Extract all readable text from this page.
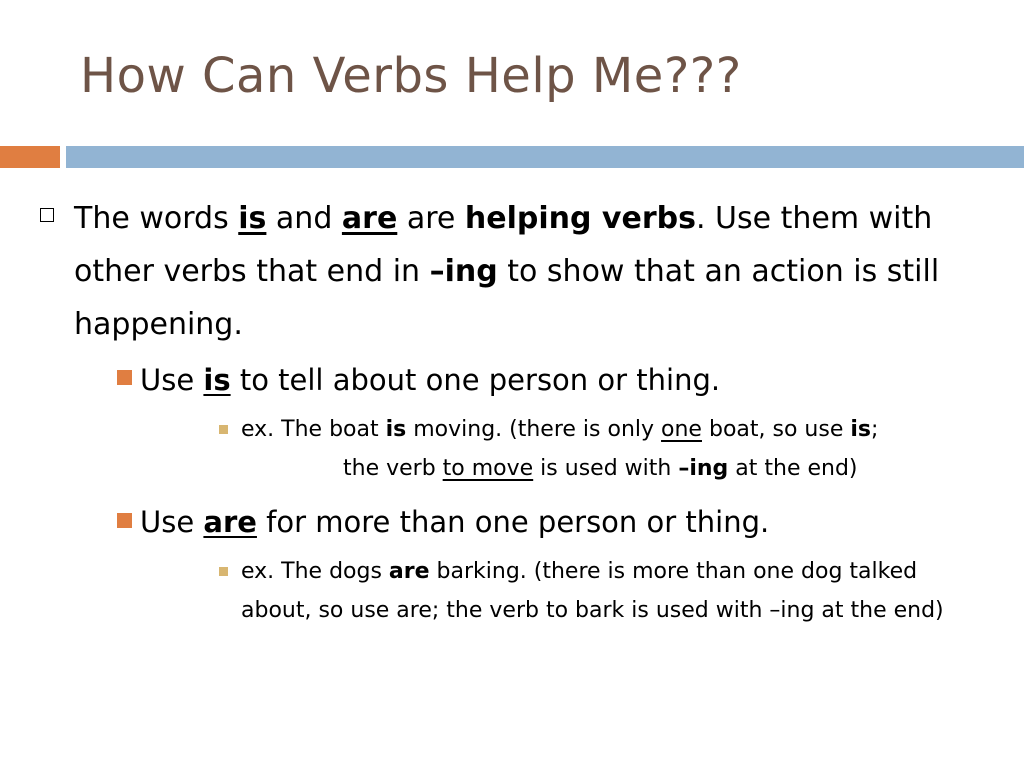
How Can Verbs Help Me???
The words is and are are helping verbs. Use them with other verbs that end in –ing to show that an action is still happening.
Use is to tell about one person or thing.
ex. The boat is moving. (there is only one boat, so use is;
the verb to move is used with –ing at the end)
Use are for more than one person or thing.
ex. The dogs are barking. (there is more than one dog talked about, so use are; the verb to bark is used with –ing at the end)
